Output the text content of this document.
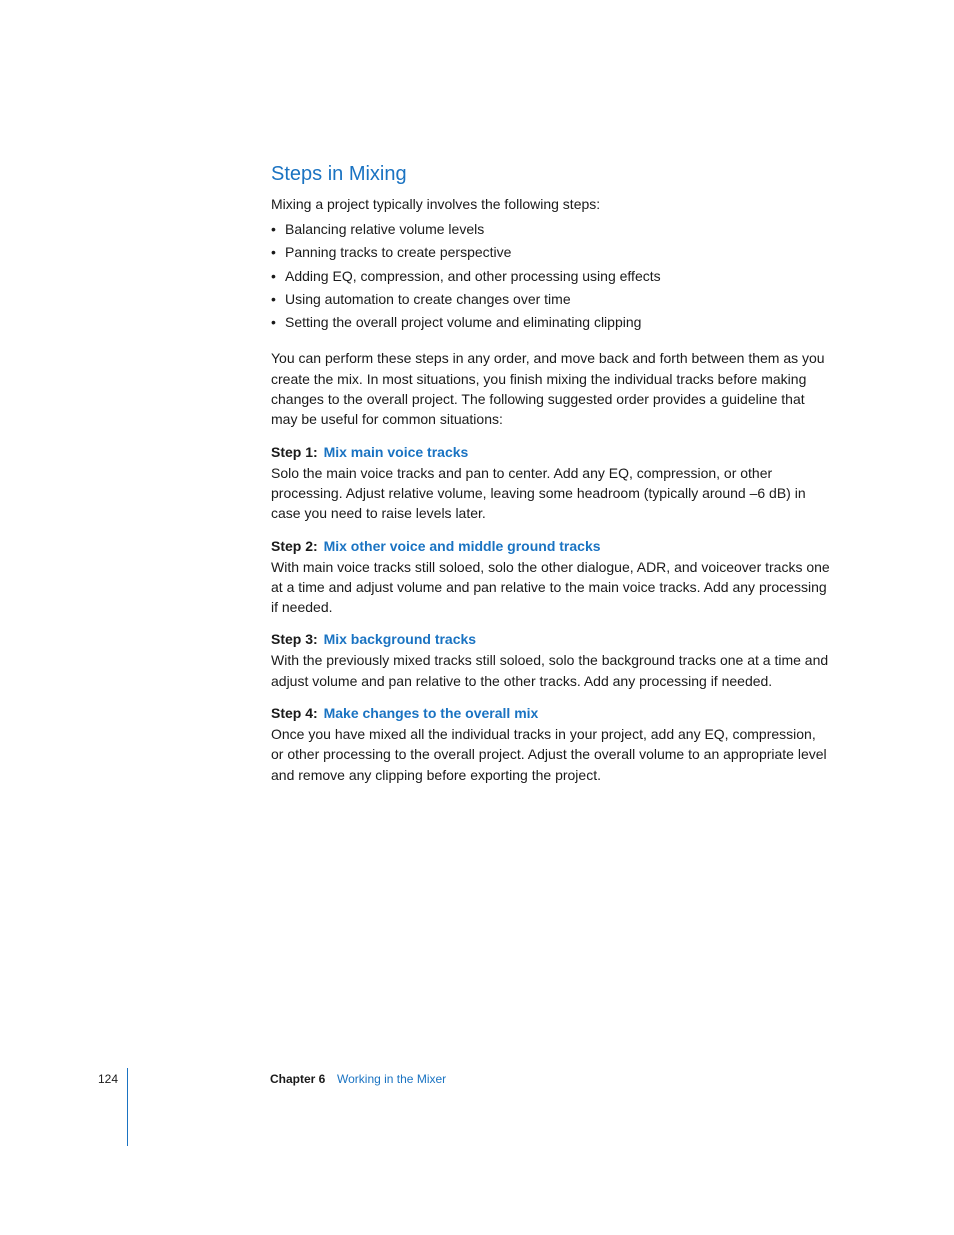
Steps in Mixing

Mixing a project typically involves the following steps:

• Balancing relative volume levels
• Panning tracks to create perspective
• Adding EQ, compression, and other processing using effects
• Using automation to create changes over time
• Setting the overall project volume and eliminating clipping

You can perform these steps in any order, and move back and forth between them as you create the mix. In most situations, you finish mixing the individual tracks before making changes to the overall project. The following suggested order provides a guideline that may be useful for common situations:

Step 1: Mix main voice tracks

Solo the main voice tracks and pan to center. Add any EQ, compression, or other processing. Adjust relative volume, leaving some headroom (typically around –6 dB) in case you need to raise levels later.

Step 2: Mix other voice and middle ground tracks

With main voice tracks still soloed, solo the other dialogue, ADR, and voiceover tracks one at a time and adjust volume and pan relative to the main voice tracks. Add any processing if needed.

Step 3: Mix background tracks

With the previously mixed tracks still soloed, solo the background tracks one at a time and adjust volume and pan relative to the other tracks. Add any processing if needed.

Step 4: Make changes to the overall mix

Once you have mixed all the individual tracks in your project, add any EQ, compression, or other processing to the overall project. Adjust the overall volume to an appropriate level and remove any clipping before exporting the project.

124	Chapter 6 Working in the Mixer
